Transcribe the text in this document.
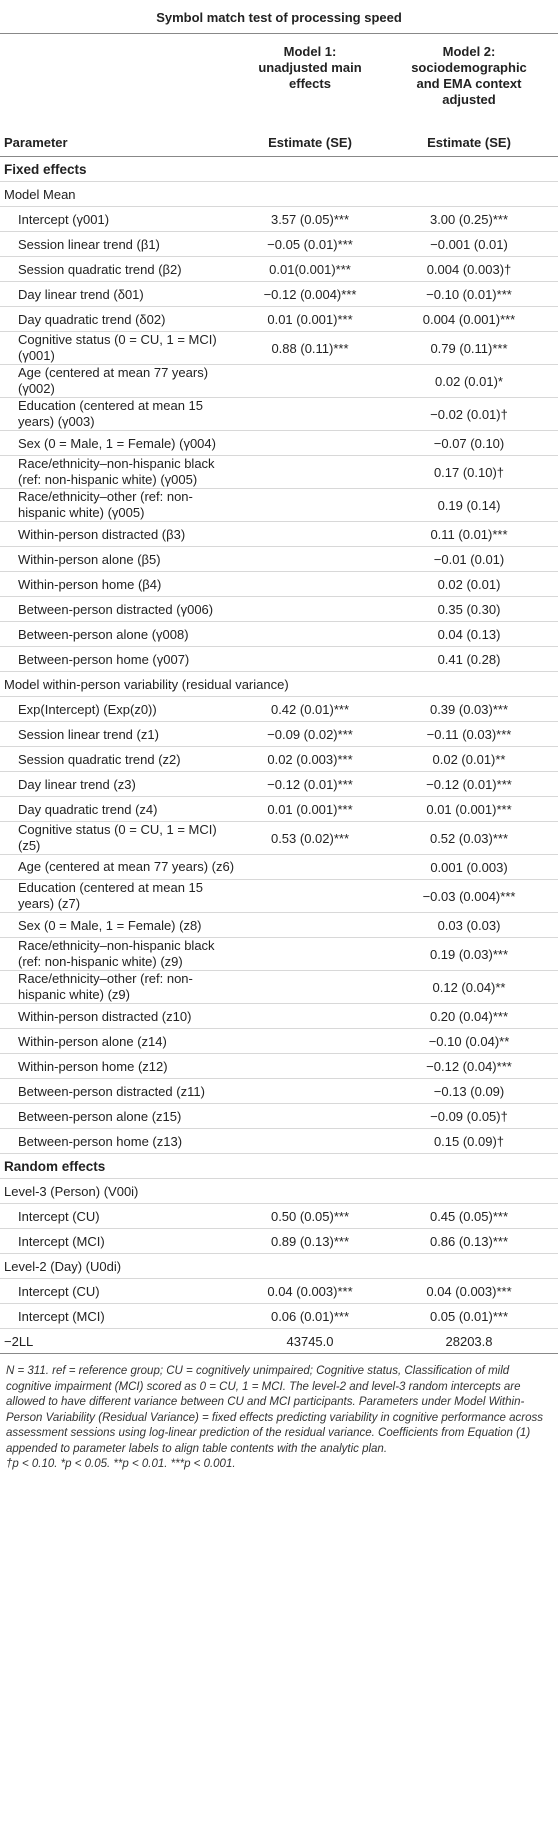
Symbol match test of processing speed
Model 1:
unadjusted main
effects
Model 2:
sociodemographic
and EMA context
adjusted
Parameter	Estimate (SE)	Estimate (SE)
Fixed effects		
Model Mean		
Intercept (γ001)	3.57 (0.05)***	3.00 (0.25)***
Session linear trend (β1)	−0.05 (0.01)***	−0.001 (0.01)
Session quadratic trend (β2)	0.01(0.001)***	0.004 (0.003)†
Day linear trend (δ01)	−0.12 (0.004)***	−0.10 (0.01)***
Day quadratic trend (δ02)	0.01 (0.001)***	0.004 (0.001)***
Cognitive status (0 = CU, 1 = MCI) (γ001)	0.88 (0.11)***	0.79 (0.11)***
Age (centered at mean 77 years) (γ002)		0.02 (0.01)*
Education (centered at mean 15 years) (γ003)		−0.02 (0.01)†
Sex (0 = Male, 1 = Female) (γ004)		−0.07 (0.10)
Race/ethnicity–non-hispanic black (ref: non-hispanic white) (γ005)		0.17 (0.10)†
Race/ethnicity–other (ref: non-hispanic white) (γ005)		0.19 (0.14)
Within-person distracted (β3)		0.11 (0.01)***
Within-person alone (β5)		−0.01 (0.01)
Within-person home (β4)		0.02 (0.01)
Between-person distracted (γ006)		0.35 (0.30)
Between-person alone (γ008)		0.04 (0.13)
Between-person home (γ007)		0.41 (0.28)
Model within-person variability (residual variance)		
Exp(Intercept) (Exp(z0))	0.42 (0.01)***	0.39 (0.03)***
Session linear trend (z1)	−0.09 (0.02)***	−0.11 (0.03)***
Session quadratic trend (z2)	0.02 (0.003)***	0.02 (0.01)**
Day linear trend (z3)	−0.12 (0.01)***	−0.12 (0.01)***
Day quadratic trend (z4)	0.01 (0.001)***	0.01 (0.001)***
Cognitive status (0 = CU, 1 = MCI) (z5)	0.53 (0.02)***	0.52 (0.03)***
Age (centered at mean 77 years) (z6)		0.001 (0.003)
Education (centered at mean 15 years) (z7)		−0.03 (0.004)***
Sex (0 = Male, 1 = Female) (z8)		0.03 (0.03)
Race/ethnicity–non-hispanic black (ref: non-hispanic white) (z9)		0.19 (0.03)***
Race/ethnicity–other (ref: non-hispanic white) (z9)		0.12 (0.04)**
Within-person distracted (z10)		0.20 (0.04)***
Within-person alone (z14)		−0.10 (0.04)**
Within-person home (z12)		−0.12 (0.04)***
Between-person distracted (z11)		−0.13 (0.09)
Between-person alone (z15)		−0.09 (0.05)†
Between-person home (z13)		0.15 (0.09)†
Random effects		
Level-3 (Person) (V00i)		
Intercept (CU)	0.50 (0.05)***	0.45 (0.05)***
Intercept (MCI)	0.89 (0.13)***	0.86 (0.13)***
Level-2 (Day) (U0di)		
Intercept (CU)	0.04 (0.003)***	0.04 (0.003)***
Intercept (MCI)	0.06 (0.01)***	0.05 (0.01)***
−2LL	43745.0	28203.8
N = 311. ref = reference group; CU = cognitively unimpaired; Cognitive status, Classification of mild cognitive impairment (MCI) scored as 0 = CU, 1 = MCI. The level-2 and level-3 random intercepts are allowed to have different variance between CU and MCI participants. Parameters under Model Within-Person Variability (Residual Variance) = fixed effects predicting variability in cognitive performance across assessment sessions using log-linear prediction of the residual variance. Coefficients from Equation (1) appended to parameter labels to align table contents with the analytic plan.
†p < 0.10. *p < 0.05. **p < 0.01. ***p < 0.001.
